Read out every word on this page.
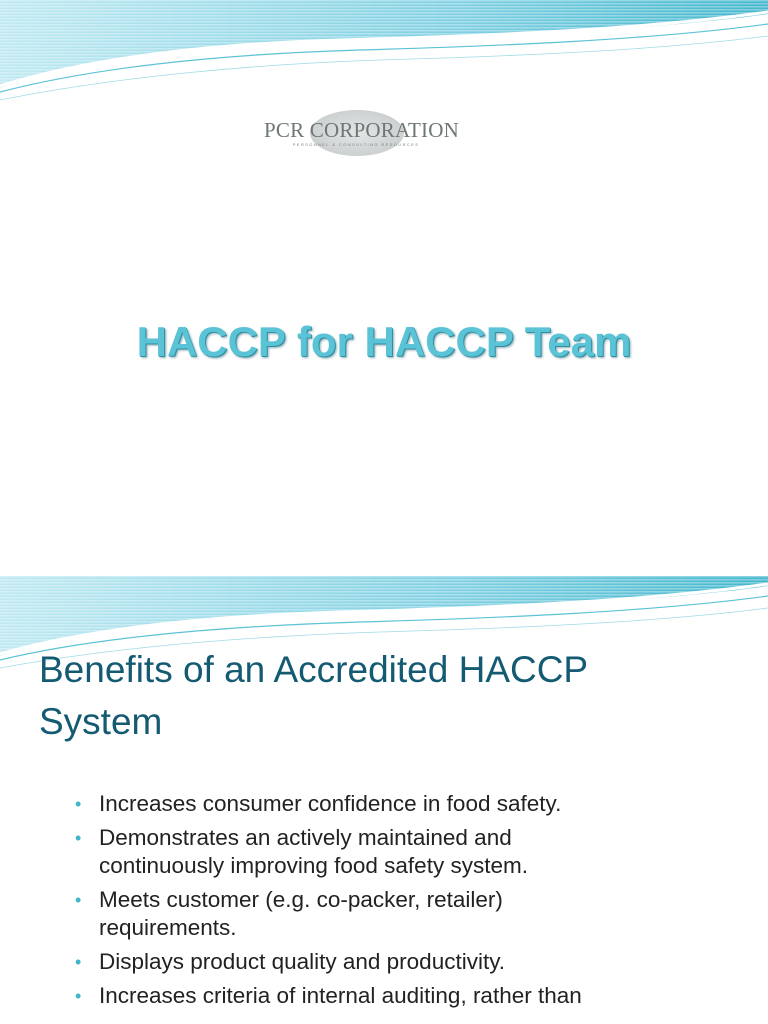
PCR CORPORATION
PERSONNEL & CONSULTING RESOURCES
HACCP for HACCP Team
Benefits of an Accredited HACCP
System
• Increases consumer confidence in food safety.
• Demonstrates an actively maintained and
continuously improving food safety system.
• Meets customer (e.g. co-packer, retailer)
requirements.
• Displays product quality and productivity.
• Increases criteria of internal auditing, rather than
